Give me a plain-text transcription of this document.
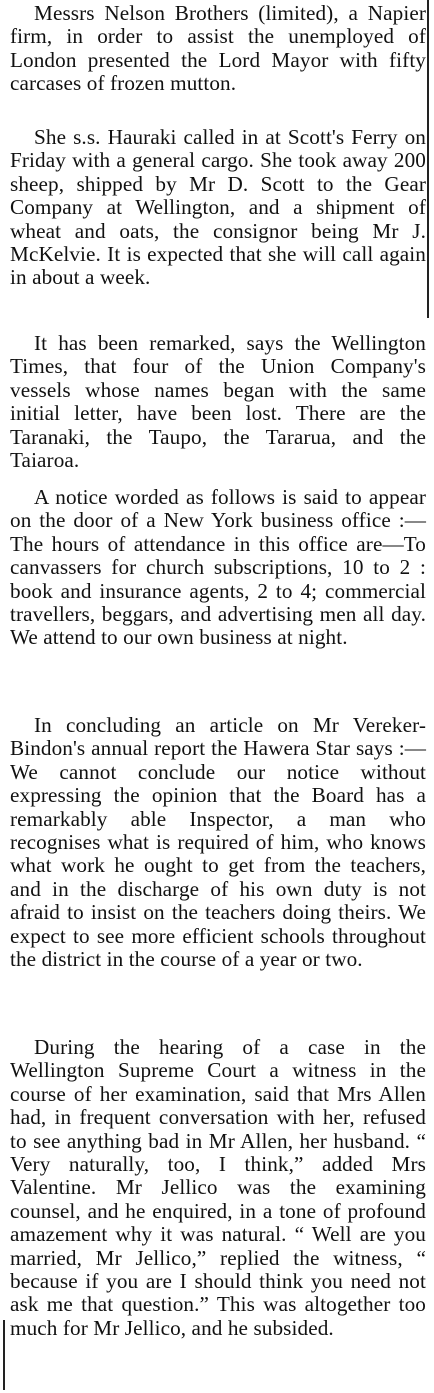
Messrs Nelson Brothers (limited), a Napier firm, in order to assist the unemployed of London presented the Lord Mayor with fifty carcases of frozen mutton.

She s.s. Hauraki called in at Scott's Ferry on Friday with a general cargo. She took away 200 sheep, shipped by Mr D. Scott to the Gear Company at Wellington, and a shipment of wheat and oats, the consignor being Mr J. McKelvie. It is expected that she will call again in about a week.

It has been remarked, says the Wellington Times, that four of the Union Company's vessels whose names began with the same initial letter, have been lost. There are the Taranaki, the Taupo, the Tararua, and the Taiaroa.

A notice worded as follows is said to appear on the door of a New York business office :—The hours of attendance in this office are—To canvassers for church subscriptions, 10 to 2 : book and insurance agents, 2 to 4; commercial travellers, beggars, and advertising men all day. We attend to our own business at night.

In concluding an article on Mr Vereker-Bindon's annual report the Hawera Star says :—We cannot conclude our notice without expressing the opinion that the Board has a remarkably able Inspector, a man who recognises what is required of him, who knows what work he ought to get from the teachers, and in the discharge of his own duty is not afraid to insist on the teachers doing theirs. We expect to see more efficient schools throughout the district in the course of a year or two.

During the hearing of a case in the Wellington Supreme Court a witness in the course of her examination, said that Mrs Allen had, in frequent conversation with her, refused to see anything bad in Mr Allen, her husband. “ Very naturally, too, I think,” added Mrs Valentine. Mr Jellico was the examining counsel, and he enquired, in a tone of profound amazement why it was natural. “ Well are you married, Mr Jellico,” replied the witness, “ because if you are I should think you need not ask me that question.” This was altogether too much for Mr Jellico, and he subsided.
